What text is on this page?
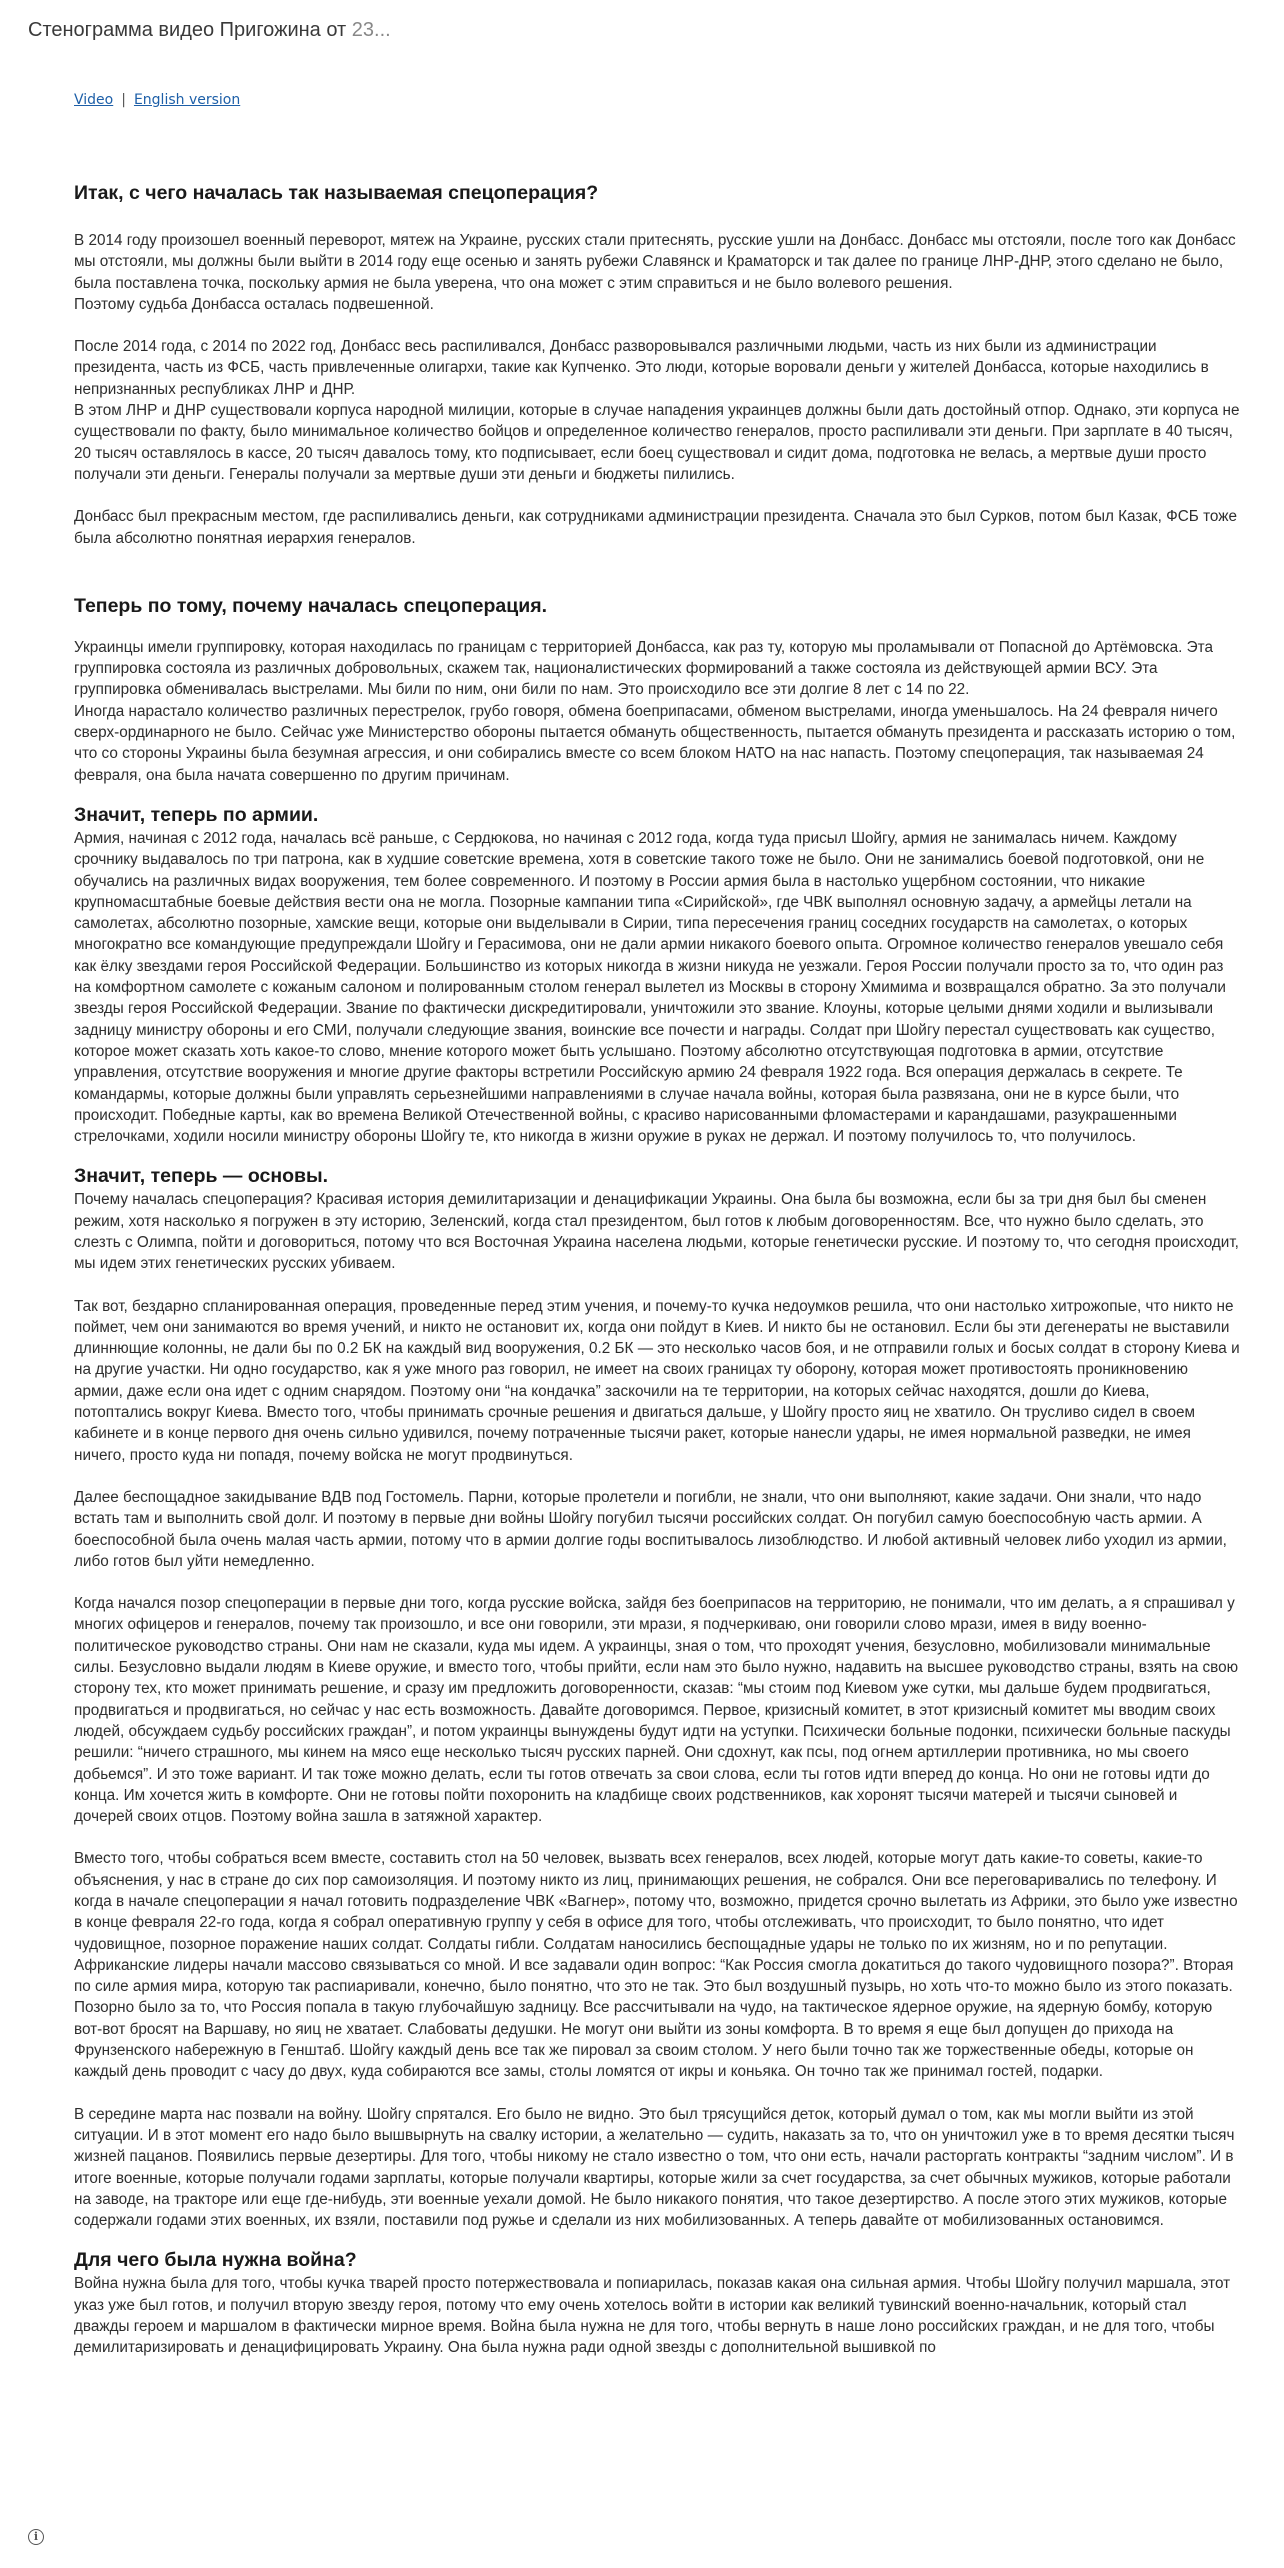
Стенограмма видео Пригожина от 23...
Video | English version
Итак, с чего началась так называемая спецоперация?

В 2014 году произошел военный переворот, мятеж на Украине, русских стали притеснять, русские ушли на Донбасс. Донбасс мы отстояли, после того как Донбасс мы отстояли, мы должны были выйти в 2014 году еще осенью и занять рубежи Славянск и Краматорск и так далее по границе ЛНР-ДНР, этого сделано не было, была поставлена точка, поскольку армия не была уверена, что она может с этим справиться и не было волевого решения.
Поэтому судьба Донбасса осталась подвешенной.

После 2014 года, с 2014 по 2022 год, Донбасс весь распиливался, Донбасс разворовывался различными людьми, часть из них были из администрации президента, часть из ФСБ, часть привлеченные олигархи, такие как Купченко. Это люди, которые воровали деньги у жителей Донбасса, которые находились в непризнанных республиках ЛНР и ДНР.
В этом ЛНР и ДНР существовали корпуса народной милиции, которые в случае нападения украинцев должны были дать достойный отпор. Однако, эти корпуса не существовали по факту, было минимальное количество бойцов и определенное количество генералов, просто распиливали эти деньги. При зарплате в 40 тысяч, 20 тысяч оставлялось в кассе, 20 тысяч давалось тому, кто подписывает, если боец существовал и сидит дома, подготовка не велась, а мертвые души просто получали эти деньги. Генералы получали за мертвые души эти деньги и бюджеты пилились.

Донбасс был прекрасным местом, где распиливались деньги, как сотрудниками администрации президента. Сначала это был Сурков, потом был Казак, ФСБ тоже была абсолютно понятная иерархия генералов.

Теперь по тому, почему началась спецоперация.

Украинцы имели группировку, которая находилась по границам с территорией Донбасса, как раз ту, которую мы проламывали от Попасной до Артёмовска. Эта группировка состояла из различных добровольных, скажем так, националистических формирований а также состояла из действующей армии ВСУ. Эта группировка обменивалась выстрелами. Мы били по ним, они били по нам. Это происходило все эти долгие 8 лет с 14 по 22.
Иногда нарастало количество различных перестрелок, грубо говоря, обмена боеприпасами, обменом выстрелами, иногда уменьшалось. На 24 февраля ничего сверх-ординарного не было. Сейчас уже Министерство обороны пытается обмануть общественность, пытается обмануть президента и рассказать историю о том, что со стороны Украины была безумная агрессия, и они собирались вместе со всем блоком НАТО на нас напасть. Поэтому спецоперация, так называемая 24 февраля, она была начата совершенно по другим причинам.

Значит, теперь по армии.

Армия, начиная с 2012 года, началась всё раньше, с Сердюкова, но начиная с 2012 года, когда туда присыл Шойгу, армия не занималась ничем. Каждому срочнику выдавалось по три патрона, как в худшие советские времена, хотя в советские такого тоже не было. Они не занимались боевой подготовкой, они не обучались на различных видах вооружения, тем более современного. И поэтому в России армия была в настолько ущербном состоянии, что никакие крупномасштабные боевые действия вести она не могла. Позорные кампании типа «Сирийской», где ЧВК выполнял основную задачу, а армейцы летали на самолетах, абсолютно позорные, хамские вещи, которые они выделывали в Сирии, типа пересечения границ соседних государств на самолетах, о которых многократно все командующие предупреждали Шойгу и Герасимова, они не дали армии никакого боевого опыта. Огромное количество генералов увешало себя как ёлку звездами героя Российской Федерации. Большинство из которых никогда в жизни никуда не уезжали. Героя России получали просто за то, что один раз на комфортном самолете с кожаным салоном и полированным столом генерал вылетел из Москвы в сторону Хмимима и возвращался обратно. За это получали звезды героя Российской Федерации. Звание по фактически дискредитировали, уничтожили это звание. Клоуны, которые целыми днями ходили и вылизывали задницу министру обороны и его СМИ, получали следующие звания, воинские все почести и награды. Солдат при Шойгу перестал существовать как существо, которое может сказать хоть какое-то слово, мнение которого может быть услышано. Поэтому абсолютно отсутствующая подготовка в армии, отсутствие управления, отсутствие вооружения и многие другие факторы встретили Российскую армию 24 февраля 1922 года. Вся операция держалась в секрете. Те командармы, которые должны были управлять серьезнейшими направлениями в случае начала войны, которая была развязана, они не в курсе были, что происходит. Победные карты, как во времена Великой Отечественной войны, с красиво нарисованными фломастерами и карандашами, разукрашенными стрелочками, ходили носили министру обороны Шойгу те, кто никогда в жизни оружие в руках не держал. И поэтому получилось то, что получилось.

Значит, теперь — основы.

Почему началась спецоперация? Красивая история демилитаризации и денацификации Украины. Она была бы возможна, если бы за три дня был бы сменен режим, хотя насколько я погружен в эту историю, Зеленский, когда стал президентом, был готов к любым договоренностям. Все, что нужно было сделать, это слезть с Олимпа, пойти и договориться, потому что вся Восточная Украина населена людьми, которые генетически русские. И поэтому то, что сегодня происходит, мы идем этих генетических русских убиваем.

Так вот, бездарно спланированная операция, проведенные перед этим учения, и почему-то кучка недоумков решила, что они настолько хитрожопые, что никто не поймет, чем они занимаются во время учений, и никто не остановит их, когда они пойдут в Киев. И никто бы не остановил. Если бы эти дегенераты не выставили длиннющие колонны, не дали бы по 0.2 БК на каждый вид вооружения, 0.2 БК — это несколько часов боя, и не отправили голых и босых солдат в сторону Киева и на другие участки. Ни одно государство, как я уже много раз говорил, не имеет на своих границах ту оборону, которая может противостоять проникновению армии, даже если она идет с одним снарядом. Поэтому они “на кондачка” заскочили на те территории, на которых сейчас находятся, дошли до Киева, потоптались вокруг Киева. Вместо того, чтобы принимать срочные решения и двигаться дальше, у Шойгу просто яиц не хватило. Он трусливо сидел в своем кабинете и в конце первого дня очень сильно удивился, почему потраченные тысячи ракет, которые нанесли удары, не имея нормальной разведки, не имея ничего, просто куда ни попадя, почему войска не могут продвинуться.

Далее беспощадное закидывание ВДВ под Гостомель. Парни, которые пролетели и погибли, не знали, что они выполняют, какие задачи. Они знали, что надо встать там и выполнить свой долг. И поэтому в первые дни войны Шойгу погубил тысячи российских солдат. Он погубил самую боеспособную часть армии. А боеспособной была очень малая часть армии, потому что в армии долгие годы воспитывалось лизоблюдство. И любой активный человек либо уходил из армии, либо готов был уйти немедленно.

Когда начался позор спецоперации в первые дни того, когда русские войска, зайдя без боеприпасов на территорию, не понимали, что им делать, а я спрашивал у многих офицеров и генералов, почему так произошло, и все они говорили, эти мрази, я подчеркиваю, они говорили слово мрази, имея в виду военно-политическое руководство страны. Они нам не сказали, куда мы идем. А украинцы, зная о том, что проходят учения, безусловно, мобилизовали минимальные силы. Безусловно выдали людям в Киеве оружие, и вместо того, чтобы прийти, если нам это было нужно, надавить на высшее руководство страны, взять на свою сторону тех, кто может принимать решение, и сразу им предложить договоренности, сказав: “мы стоим под Киевом уже сутки, мы дальше будем продвигаться, продвигаться и продвигаться, но сейчас у нас есть возможность. Давайте договоримся. Первое, кризисный комитет, в этот кризисный комитет мы вводим своих людей, обсуждаем судьбу российских граждан”, и потом украинцы вынуждены будут идти на уступки. Психически больные подонки, психически больные паскуды решили: “ничего страшного, мы кинем на мясо еще несколько тысяч русских парней. Они сдохнут, как псы, под огнем артиллерии противника, но мы своего добьемся”. И это тоже вариант. И так тоже можно делать, если ты готов отвечать за свои слова, если ты готов идти вперед до конца. Но они не готовы идти до конца. Им хочется жить в комфорте. Они не готовы пойти похоронить на кладбище своих родственников, как хоронят тысячи матерей и тысячи сыновей и дочерей своих отцов. Поэтому война зашла в затяжной характер.

Вместо того, чтобы собраться всем вместе, составить стол на 50 человек, вызвать всех генералов, всех людей, которые могут дать какие-то советы, какие-то объяснения, у нас в стране до сих пор самоизоляция. И поэтому никто из лиц, принимающих решения, не собрался. Они все переговаривались по телефону. И когда в начале спецоперации я начал готовить подразделение ЧВК «Вагнер», потому что, возможно, придется срочно вылетать из Африки, это было уже известно в конце февраля 22-го года, когда я собрал оперативную группу у себя в офисе для того, чтобы отслеживать, что происходит, то было понятно, что идет чудовищное, позорное поражение наших солдат. Солдаты гибли. Солдатам наносились беспощадные удары не только по их жизням, но и по репутации. Африканские лидеры начали массово связываться со мной. И все задавали один вопрос: “Как Россия смогла докатиться до такого чудовищного позора?”. Вторая по силе армия мира, которую так распиаривали, конечно, было понятно, что это не так. Это был воздушный пузырь, но хоть что-то можно было из этого показать. Позорно было за то, что Россия попала в такую глубочайшую задницу. Все рассчитывали на чудо, на тактическое ядерное оружие, на ядерную бомбу, которую вот-вот бросят на Варшаву, но яиц не хватает. Слабоваты дедушки. Не могут они выйти из зоны комфорта. В то время я еще был допущен до прихода на Фрунзенского набережную в Генштаб. Шойгу каждый день все так же пировал за своим столом. У него были точно так же торжественные обеды, которые он каждый день проводит с часу до двух, куда собираются все замы, столы ломятся от икры и коньяка. Он точно так же принимал гостей, подарки.

В середине марта нас позвали на войну. Шойгу спрятался. Его было не видно. Это был трясущийся деток, который думал о том, как мы могли выйти из этой ситуации. И в этот момент его надо было вышвырнуть на свалку истории, а желательно — судить, наказать за то, что он уничтожил уже в то время десятки тысяч жизней пацанов. Появились первые дезертиры. Для того, чтобы никому не стало известно о том, что они есть, начали расторгать контракты “задним числом”. И в итоге военные, которые получали годами зарплаты, которые получали квартиры, которые жили за счет государства, за счет обычных мужиков, которые работали на заводе, на тракторе или еще где-нибудь, эти военные уехали домой. Не было никакого понятия, что такое дезертирство. А после этого этих мужиков, которые содержали годами этих военных, их взяли, поставили под ружье и сделали из них мобилизованных. А теперь давайте от мобилизованных остановимся.

Для чего была нужна война?

Война нужна была для того, чтобы кучка тварей просто потержествовала и попиарилась, показав какая она сильная армия. Чтобы Шойгу получил маршала, этот указ уже был готов, и получил вторую звезду героя, потому что ему очень хотелось войти в истории как великий тувинский военно-начальник, который стал дважды героем и маршалом в фактически мирное время. Война была нужна не для того, чтобы вернуть в наше лоно российских граждан, и не для того, чтобы демилитаризировать и денацифицировать Украину. Она была нужна ради одной звезды с дополнительной вышивкой по

i
